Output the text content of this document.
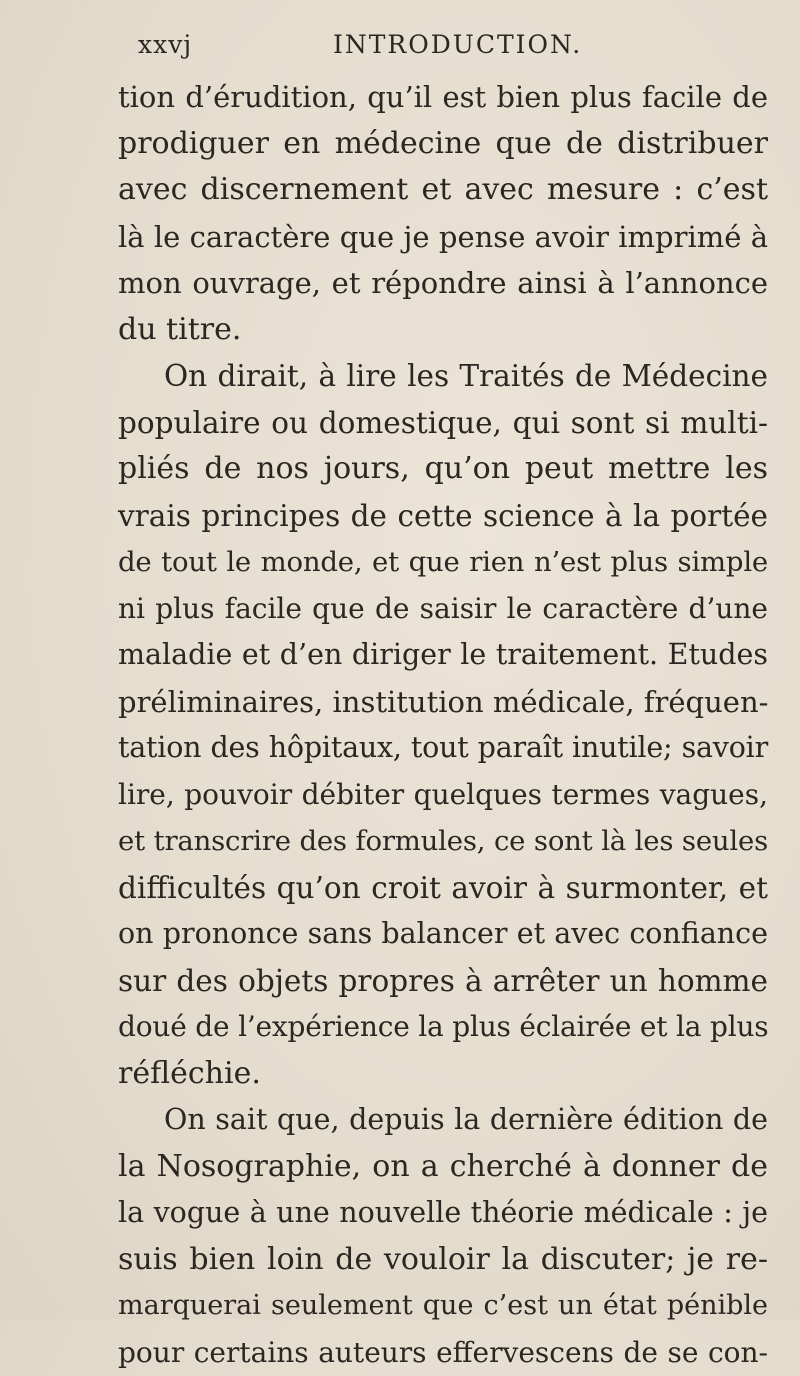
xxvj	INTRODUCTION.
tion d’érudition, qu’il est bien plus facile de
prodiguer en médecine que de distribuer
avec discernement et avec mesure : c’est
là le caractère que je pense avoir imprimé à
mon ouvrage, et répondre ainsi à l’annonce
du titre.
On dirait, à lire les Traités de Médecine
populaire ou domestique, qui sont si multi-
pliés de nos jours, qu’on peut mettre les
vrais principes de cette science à la portée
de tout le monde, et que rien n’est plus simple
ni plus facile que de saisir le caractère d’une
maladie et d’en diriger le traitement. Etudes
préliminaires, institution médicale, fréquen-
tation des hôpitaux, tout paraît inutile; savoir
lire, pouvoir débiter quelques termes vagues,
et transcrire des formules, ce sont là les seules
difficultés qu’on croit avoir à surmonter, et
on prononce sans balancer et avec confiance
sur des objets propres à arrêter un homme
doué de l’expérience la plus éclairée et la plus
réfléchie.
On sait que, depuis la dernière édition de
la Nosographie, on a cherché à donner de
la vogue à une nouvelle théorie médicale : je
suis bien loin de vouloir la discuter; je re-
marquerai seulement que c’est un état pénible
pour certains auteurs effervescens de se con-
